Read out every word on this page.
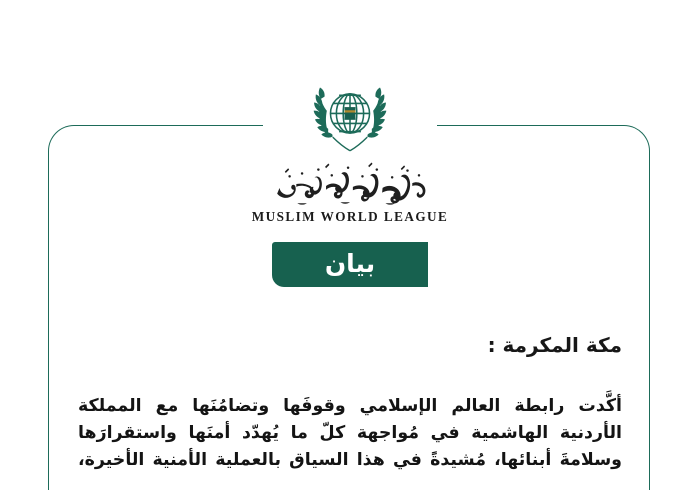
MUSLIM WORLD LEAGUE
بيان
مكة المكرمة :

أكَّدت رابطة العالم الإسلامي وقوفَها وتضامُنَها مع المملكة

الأردنية الهاشمية في مُواجهة كلّ ما يُهدّد أمنَها واستقرارَها

وسلامةَ أبنائها، مُشيدةً في هذا السياق بالعملية الأمنية الأخيرة،
